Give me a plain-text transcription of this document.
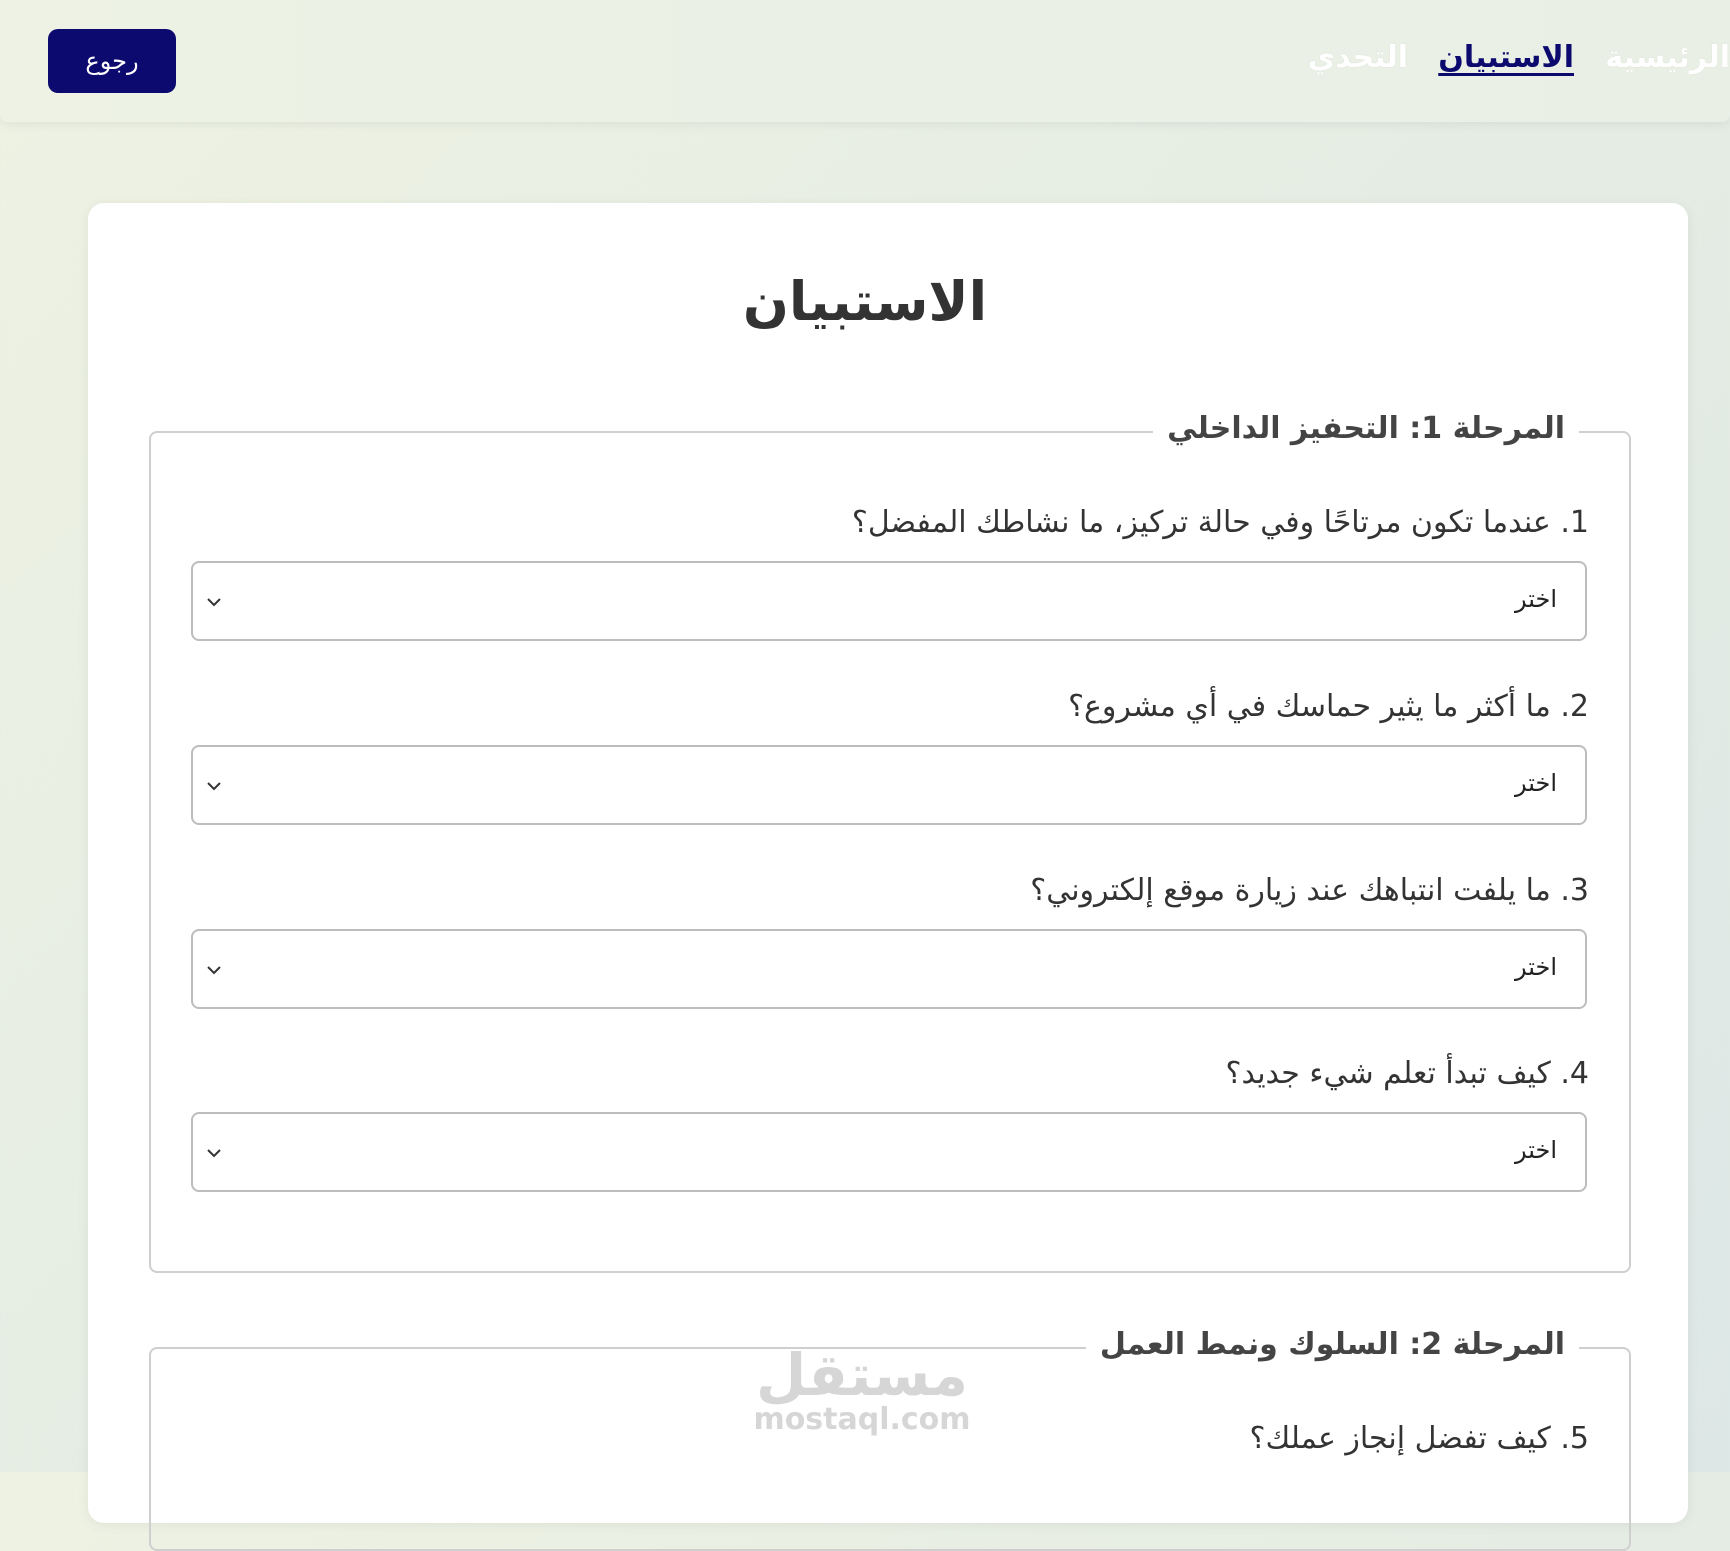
رجوع	الرئيسية
الاستبيان
التحدي
الاستبيان
المرحلة 1: التحفيز الداخلي
1. عندما تكون مرتاحًا وفي حالة تركيز، ما نشاطك المفضل؟
اختر
2. ما أكثر ما يثير حماسك في أي مشروع؟
اختر
3. ما يلفت انتباهك عند زيارة موقع إلكتروني؟
اختر
4. كيف تبدأ تعلم شيء جديد؟
اختر
المرحلة 2: السلوك ونمط العمل
5. كيف تفضل إنجاز عملك؟
مستقل
mostaql.com
